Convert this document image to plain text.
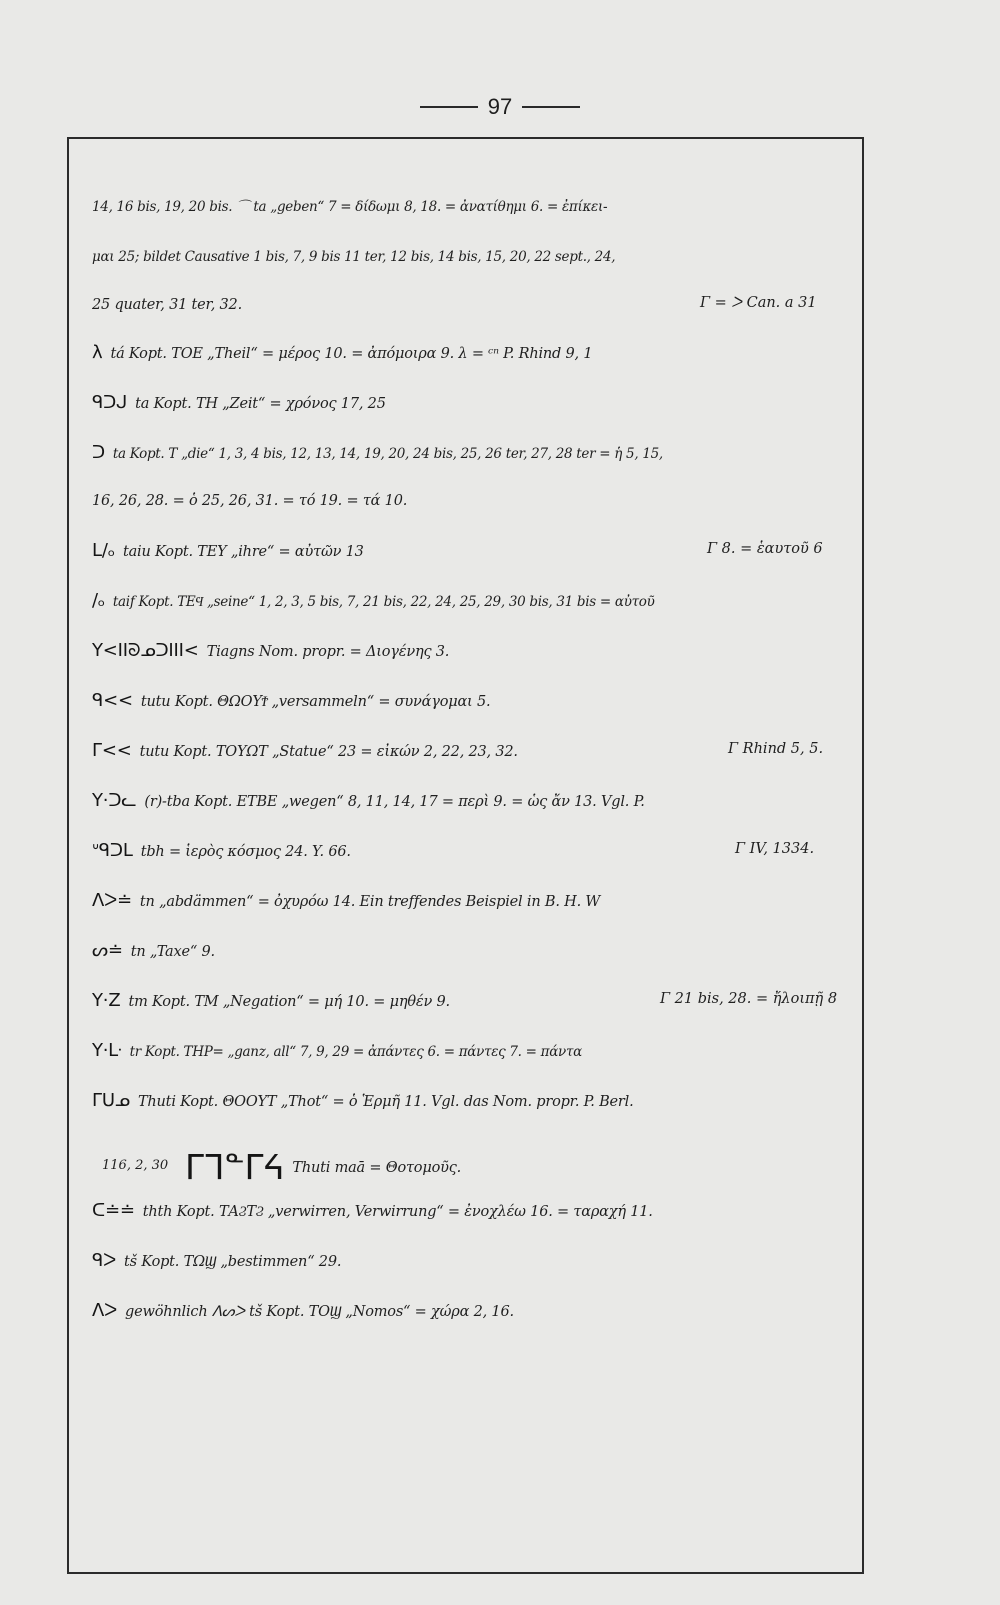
97
14, 16 bis, 19, 20 bis. ⌒ ta „geben“ 7 = δίδωμι 8, 18. = ἀνατίθημι 6. = ἐπίκει-
μαι 25; bildet Causative 1 bis, 7, 9 bis 11 ter, 12 bis, 14 bis, 15, 20, 22 sept., 24,
25 quater, 31 ter, 32.	Γ = ᐳ Can. a 31
λ tá Kopt. ΤΟΕ „Theil“ = μέρος 10. = ἀπόμοιρα 9. λ = ᶜⁿ P. Rhind 9, 1
ᑫᑐᒍ ta Kopt. ΤΗ „Zeit“ = χρόνος 17, 25
ᑐ ta Kopt. Τ „die“ 1, 3, 4 bis, 12, 13, 14, 19, 20, 24 bis, 25, 26 ter, 27, 28 ter = ἡ 5, 15,
16, 26, 28. = ὁ 25, 26, 31. = τό 19. = τά 10.
ᒪ/ₒ taiu Kopt. ΤΕΥ „ihre“ = αὐτῶν 13	Γ 8. = ἑαυτοῦ 6
/ₒ taif Kopt. ΤΕϤ „seine“ 1, 2, 3, 5 bis, 7, 21 bis, 22, 24, 25, 29, 30 bis, 31 bis = αὐτοῦ
Y<IIᘐᓄᑐIII< Tiagns Nom. propr. = Διογένης 3.
ᑫ<< tutu Kopt. ΘΩΟΥϮ „versammeln“ = συνάγομαι 5.
ᒥ<< tutu Kopt. ΤΟΥΩΤ „Statue“ 23 = εἰκών 2, 22, 23, 32.	Γ Rhind 5, 5.
Y·ᑐᓚ (r)-tba Kopt. ΕΤΒΕ „wegen“ 8, 11, 14, 17 = περὶ 9. = ὡς ἄν 13. Vgl. P.
ᐡᑫᑐᒪ tbh = ἱερὸς κόσμος 24. Y. 66.	Γ IV, 1334.
ᐱᐳ≐ tn „abdämmen“ = ὀχυρόω 14. Ein treffendes Beispiel in B. H. W
ᔕ≐ tn „Taxe“ 9.
Y·Z tm Kopt. ΤΜ „Negation“ = μή 10. = μηθέν 9.	Γ 21 bis, 28. = ἤλοιπῇ 8
Y·ᒷ tr Kopt. ΤΗΡ= „ganz, all“ 7, 9, 29 = ἀπάντες 6. = πάντες 7. = πάντα
ᒥᑌᓄ Thuti Kopt. ΘΟΟΥΤ „Thot“ = ὁ Ἑρμῆ 11. Vgl. das Nom. propr. P. Berl.
116, 2, 30 ᒥᒣᓐᒥᔦ Thuti maā = Θοτομοῦς.
ᑕ≐≐ thth Kopt. ΤΑϨΤϨ „verwirren, Verwirrung“ = ἐνοχλέω 16. = ταραχή 11.
ᑫᐳ tš Kopt. ΤΩϢ „bestimmen“ 29.
ᐱᐳ gewöhnlich ᐱᔕᐳ tš Kopt. ΤΟϢ „Nomos“ = χώρα 2, 16.
